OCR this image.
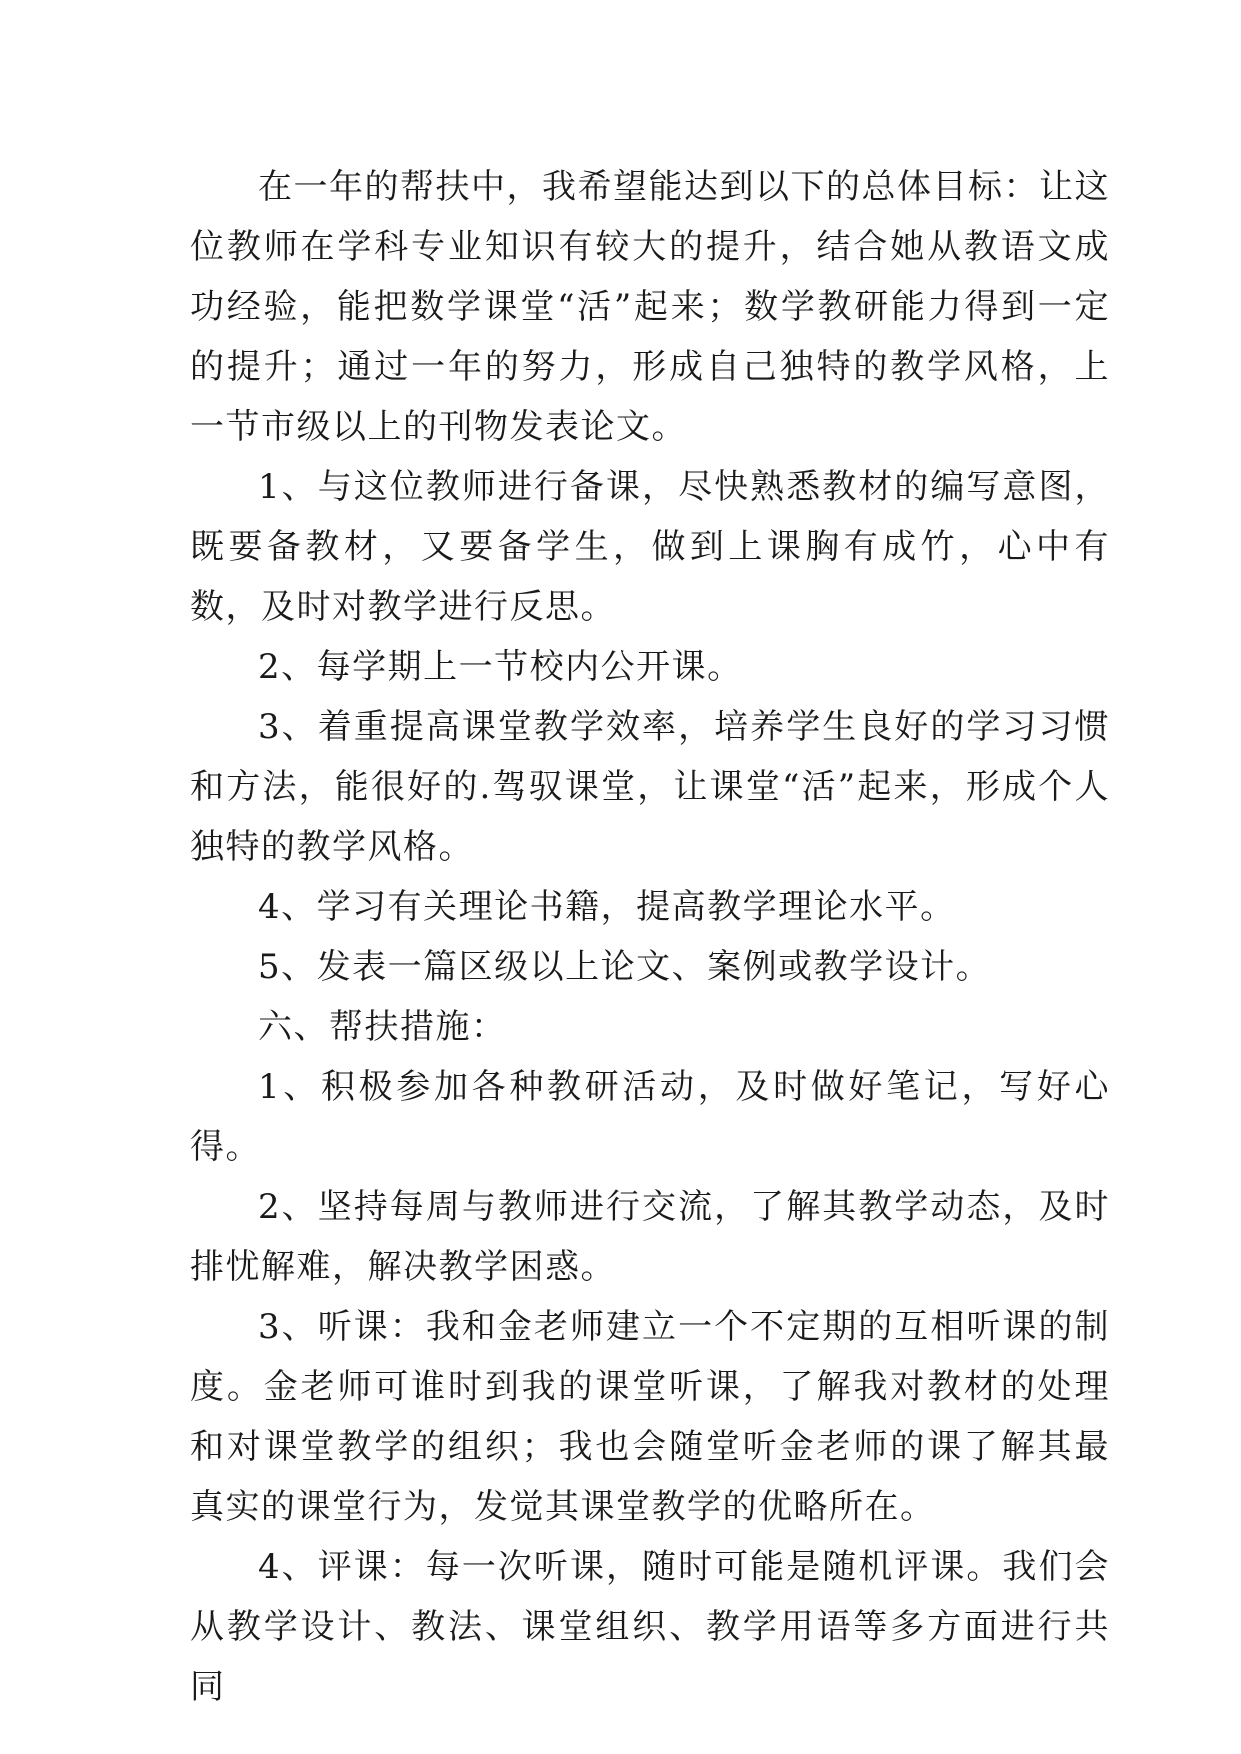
在一年的帮扶中，我希望能达到以下的总体目标：让这位教师在学科专业知识有较大的提升，结合她从教语文成功经验，能把数学课堂“活”起来；数学教研能力得到一定的提升；通过一年的努力，形成自己独特的教学风格，上一节市级以上的刊物发表论文。

1、与这位教师进行备课，尽快熟悉教材的编写意图，既要备教材，又要备学生，做到上课胸有成竹，心中有数，及时对教学进行反思。

2、每学期上一节校内公开课。

3、着重提高课堂教学效率，培养学生良好的学习习惯和方法，能很好的.驾驭课堂，让课堂“活”起来，形成个人独特的教学风格。

4、学习有关理论书籍，提高教学理论水平。

5、发表一篇区级以上论文、案例或教学设计。

六、帮扶措施：

1、积极参加各种教研活动，及时做好笔记，写好心得。

2、坚持每周与教师进行交流，了解其教学动态，及时排忧解难，解决教学困惑。

3、听课：我和金老师建立一个不定期的互相听课的制度。金老师可谁时到我的课堂听课，了解我对教材的处理和对课堂教学的组织；我也会随堂听金老师的课了解其最真实的课堂行为，发觉其课堂教学的优略所在。

4、评课：每一次听课，随时可能是随机评课。我们会从教学设计、教法、课堂组织、教学用语等多方面进行共同
